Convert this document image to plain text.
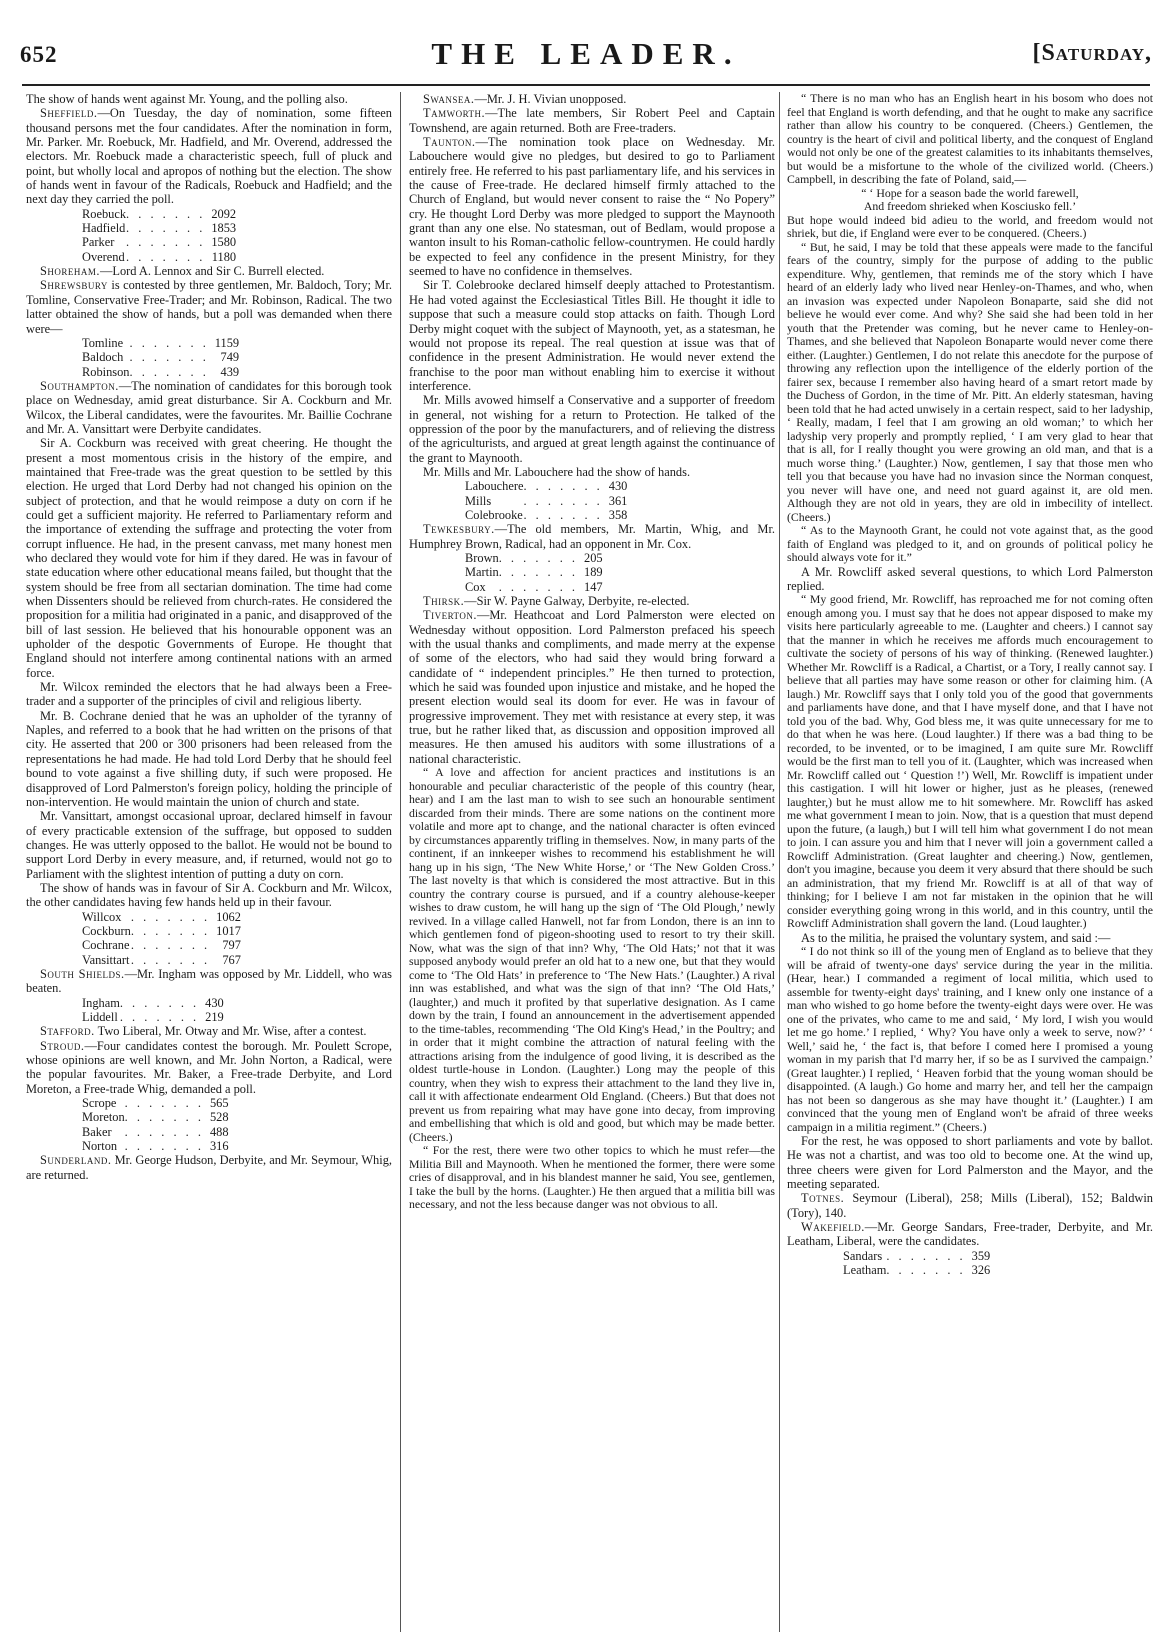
652	THE LEADER.	[Saturday,

The show of hands went against Mr. Young, and the polling also.

Sheffield.—On Tuesday, the day of nomination, some fifteen thousand persons met the four candidates. After the nomination in form, Mr. Parker. Mr. Roebuck, Mr. Hadfield, and Mr. Overend, addressed the electors. Mr. Roebuck made a characteristic speech, full of pluck and point, but wholly local and apropos of nothing but the election. The show of hands went in favour of the Radicals, Roebuck and Hadfield; and the next day they carried the poll.

Roebuck	. . . . . . .	2092
Hadfield	. . . . . . .	1853
Parker	. . . . . . .	1580
Overend	. . . . . . .	1180

Shoreham.—Lord A. Lennox and Sir C. Burrell elected.

Shrewsbury is contested by three gentlemen, Mr. Baldoch, Tory; Mr. Tomline, Conservative Free-Trader; and Mr. Robinson, Radical. The two latter obtained the show of hands, but a poll was demanded when there were—

Tomline	. . . . . . .	1159
Baldoch	. . . . . . .	749
Robinson	. . . . . . .	439

Southampton.—The nomination of candidates for this borough took place on Wednesday, amid great disturbance. Sir A. Cockburn and Mr. Wilcox, the Liberal candidates, were the favourites. Mr. Baillie Cochrane and Mr. A. Vansittart were Derbyite candidates.

Sir A. Cockburn was received with great cheering. He thought the present a most momentous crisis in the history of the empire, and maintained that Free-trade was the great question to be settled by this election. He urged that Lord Derby had not changed his opinion on the subject of protection, and that he would reimpose a duty on corn if he could get a sufficient majority. He referred to Parliamentary reform and the importance of extending the suffrage and protecting the voter from corrupt influence. He had, in the present canvass, met many honest men who declared they would vote for him if they dared. He was in favour of state education where other educational means failed, but thought that the system should be free from all sectarian domination. The time had come when Dissenters should be relieved from church-rates. He considered the proposition for a militia had originated in a panic, and disapproved of the bill of last session. He believed that his honourable opponent was an upholder of the despotic Governments of Europe. He thought that England should not interfere among continental nations with an armed force.

Mr. Wilcox reminded the electors that he had always been a Free-trader and a supporter of the principles of civil and religious liberty.

Mr. B. Cochrane denied that he was an upholder of the tyranny of Naples, and referred to a book that he had written on the prisons of that city. He asserted that 200 or 300 prisoners had been released from the representations he had made. He had told Lord Derby that he should feel bound to vote against a five shilling duty, if such were proposed. He disapproved of Lord Palmerston's foreign policy, holding the principle of non-intervention. He would maintain the union of church and state.

Mr. Vansittart, amongst occasional uproar, declared himself in favour of every practicable extension of the suffrage, but opposed to sudden changes. He was utterly opposed to the ballot. He would not be bound to support Lord Derby in every measure, and, if returned, would not go to Parliament with the slightest intention of putting a duty on corn.

The show of hands was in favour of Sir A. Cockburn and Mr. Wilcox, the other candidates having few hands held up in their favour.

Willcox	. . . . . . .	1062
Cockburn	. . . . . . .	1017
Cochrane	. . . . . . .	797
Vansittart	. . . . . . .	767

South Shields.—Mr. Ingham was opposed by Mr. Liddell, who was beaten.

Ingham	. . . . . . .	430
Liddell	. . . . . . .	219

Stafford. Two Liberal, Mr. Otway and Mr. Wise, after a contest.

Stroud.—Four candidates contest the borough. Mr. Poulett Scrope, whose opinions are well known, and Mr. John Norton, a Radical, were the popular favourites. Mr. Baker, a Free-trade Derbyite, and Lord Moreton, a Free-trade Whig, demanded a poll.

Scrope	. . . . . . .	565
Moreton	. . . . . . .	528
Baker	. . . . . . .	488
Norton	. . . . . . .	316

Sunderland. Mr. George Hudson, Derbyite, and Mr. Seymour, Whig, are returned.

Swansea.—Mr. J. H. Vivian unopposed.

Tamworth.—The late members, Sir Robert Peel and Captain Townshend, are again returned. Both are Free-traders.

Taunton.—The nomination took place on Wednesday. Mr. Labouchere would give no pledges, but desired to go to Parliament entirely free. He referred to his past parliamentary life, and his services in the cause of Free-trade. He declared himself firmly attached to the Church of England, but would never consent to raise the “ No Popery” cry. He thought Lord Derby was more pledged to support the Maynooth grant than any one else. No statesman, out of Bedlam, would propose a wanton insult to his Roman-catholic fellow-countrymen. He could hardly be expected to feel any confidence in the present Ministry, for they seemed to have no confidence in themselves.

Sir T. Colebrooke declared himself deeply attached to Protestantism. He had voted against the Ecclesiastical Titles Bill. He thought it idle to suppose that such a measure could stop attacks on faith. Though Lord Derby might coquet with the subject of Maynooth, yet, as a statesman, he would not propose its repeal. The real question at issue was that of confidence in the present Administration. He would never extend the franchise to the poor man without enabling him to exercise it without interference.

Mr. Mills avowed himself a Conservative and a supporter of freedom in general, not wishing for a return to Protection. He talked of the oppression of the poor by the manufacturers, and of relieving the distress of the agriculturists, and argued at great length against the continuance of the grant to Maynooth.

Mr. Mills and Mr. Labouchere had the show of hands.

Labouchere	. . . . . . .	430
Mills	. . . . . . .	361
Colebrooke	. . . . . . .	358

Tewkesbury.—The old members, Mr. Martin, Whig, and Mr. Humphrey Brown, Radical, had an opponent in Mr. Cox.

Brown	. . . . . . .	205
Martin	. . . . . . .	189
Cox	. . . . . . .	147

Thirsk.—Sir W. Payne Galway, Derbyite, re-elected.

Tiverton.—Mr. Heathcoat and Lord Palmerston were elected on Wednesday without opposition. Lord Palmerston prefaced his speech with the usual thanks and compliments, and made merry at the expense of some of the electors, who had said they would bring forward a candidate of “ independent principles.” He then turned to protection, which he said was founded upon injustice and mistake, and he hoped the present election would seal its doom for ever. He was in favour of progressive improvement. They met with resistance at every step, it was true, but he rather liked that, as discussion and opposition improved all measures. He then amused his auditors with some illustrations of a national characteristic.

“ A love and affection for ancient practices and institutions is an honourable and peculiar characteristic of the people of this country (hear, hear) and I am the last man to wish to see such an honourable sentiment discarded from their minds. There are some nations on the continent more volatile and more apt to change, and the national character is often evinced by circumstances apparently trifling in themselves. Now, in many parts of the continent, if an innkeeper wishes to recommend his establishment he will hang up in his sign, ‘The New White Horse,’ or ‘The New Golden Cross.’ The last novelty is that which is considered the most attractive. But in this country the contrary course is pursued, and if a country alehouse-keeper wishes to draw custom, he will hang up the sign of ‘The Old Plough,’ newly revived. In a village called Hanwell, not far from London, there is an inn to which gentlemen fond of pigeon-shooting used to resort to try their skill. Now, what was the sign of that inn? Why, ‘The Old Hats;’ not that it was supposed anybody would prefer an old hat to a new one, but that they would come to ‘The Old Hats’ in preference to ‘The New Hats.’ (Laughter.) A rival inn was established, and what was the sign of that inn? ‘The Old Hats,’ (laughter,) and much it profited by that superlative designation. As I came down by the train, I found an announcement in the advertisement appended to the time-tables, recommending ‘The Old King's Head,’ in the Poultry; and in order that it might combine the attraction of natural feeling with the attractions arising from the indulgence of good living, it is described as the oldest turtle-house in London. (Laughter.) Long may the people of this country, when they wish to express their attachment to the land they live in, call it with affectionate endearment Old England. (Cheers.) But that does not prevent us from repairing what may have gone into decay, from improving and embellishing that which is old and good, but which may be made better. (Cheers.)

“ For the rest, there were two other topics to which he must refer—the Militia Bill and Maynooth. When he mentioned the former, there were some cries of disapproval, and in his blandest manner he said, You see, gentlemen, I take the bull by the horns. (Laughter.) He then argued that a militia bill was necessary, and not the less because danger was not obvious to all.

“ There is no man who has an English heart in his bosom who does not feel that England is worth defending, and that he ought to make any sacrifice rather than allow his country to be conquered. (Cheers.) Gentlemen, the country is the heart of civil and political liberty, and the conquest of England would not only be one of the greatest calamities to its inhabitants themselves, but would be a misfortune to the whole of the civilized world. (Cheers.) Campbell, in describing the fate of Poland, said,—

“ ‘ Hope for a season bade the world farewell,

And freedom shrieked when Kosciusko fell.’

But hope would indeed bid adieu to the world, and freedom would not shriek, but die, if England were ever to be conquered. (Cheers.)

“ But, he said, I may be told that these appeals were made to the fanciful fears of the country, simply for the purpose of adding to the public expenditure. Why, gentlemen, that reminds me of the story which I have heard of an elderly lady who lived near Henley-on-Thames, and who, when an invasion was expected under Napoleon Bonaparte, said she did not believe he would ever come. And why? She said she had been told in her youth that the Pretender was coming, but he never came to Henley-on-Thames, and she believed that Napoleon Bonaparte would never come there either. (Laughter.) Gentlemen, I do not relate this anecdote for the purpose of throwing any reflection upon the intelligence of the elderly portion of the fairer sex, because I remember also having heard of a smart retort made by the Duchess of Gordon, in the time of Mr. Pitt. An elderly statesman, having been told that he had acted unwisely in a certain respect, said to her ladyship, ‘ Really, madam, I feel that I am growing an old woman;’ to which her ladyship very properly and promptly replied, ‘ I am very glad to hear that that is all, for I really thought you were growing an old man, and that is a much worse thing.’ (Laughter.) Now, gentlemen, I say that those men who tell you that because you have had no invasion since the Norman conquest, you never will have one, and need not guard against it, are old men. Although they are not old in years, they are old in imbecility of intellect. (Cheers.)

“ As to the Maynooth Grant, he could not vote against that, as the good faith of England was pledged to it, and on grounds of political policy he should always vote for it.”

A Mr. Rowcliff asked several questions, to which Lord Palmerston replied.

“ My good friend, Mr. Rowcliff, has reproached me for not coming often enough among you. I must say that he does not appear disposed to make my visits here particularly agreeable to me. (Laughter and cheers.) I cannot say that the manner in which he receives me affords much encouragement to cultivate the society of persons of his way of thinking. (Renewed laughter.) Whether Mr. Rowcliff is a Radical, a Chartist, or a Tory, I really cannot say. I believe that all parties may have some reason or other for claiming him. (A laugh.) Mr. Rowcliff says that I only told you of the good that governments and parliaments have done, and that I have myself done, and that I have not told you of the bad. Why, God bless me, it was quite unnecessary for me to do that when he was here. (Loud laughter.) If there was a bad thing to be recorded, to be invented, or to be imagined, I am quite sure Mr. Rowcliff would be the first man to tell you of it. (Laughter, which was increased when Mr. Rowcliff called out ‘ Question !’) Well, Mr. Rowcliff is impatient under this castigation. I will hit lower or higher, just as he pleases, (renewed laughter,) but he must allow me to hit somewhere. Mr. Rowcliff has asked me what government I mean to join. Now, that is a question that must depend upon the future, (a laugh,) but I will tell him what government I do not mean to join. I can assure you and him that I never will join a government called a Rowcliff Administration. (Great laughter and cheering.) Now, gentlemen, don't you imagine, because you deem it very absurd that there should be such an administration, that my friend Mr. Rowcliff is at all of that way of thinking; for I believe I am not far mistaken in the opinion that he will consider everything going wrong in this world, and in this country, until the Rowcliff Administration shall govern the land. (Loud laughter.)

As to the militia, he praised the voluntary system, and said :—

“ I do not think so ill of the young men of England as to believe that they will be afraid of twenty-one days' service during the year in the militia. (Hear, hear.) I commanded a regiment of local militia, which used to assemble for twenty-eight days' training, and I knew only one instance of a man who wished to go home before the twenty-eight days were over. He was one of the privates, who came to me and said, ‘ My lord, I wish you would let me go home.’ I replied, ‘ Why? You have only a week to serve, now?’ ‘ Well,’ said he, ‘ the fact is, that before I comed here I promised a young woman in my parish that I'd marry her, if so be as I survived the campaign.’ (Great laughter.) I replied, ‘ Heaven forbid that the young woman should be disappointed. (A laugh.) Go home and marry her, and tell her the campaign has not been so dangerous as she may have thought it.’ (Laughter.) I am convinced that the young men of England won't be afraid of three weeks campaign in a militia regiment.” (Cheers.)

For the rest, he was opposed to short parliaments and vote by ballot. He was not a chartist, and was too old to become one. At the wind up, three cheers were given for Lord Palmerston and the Mayor, and the meeting separated.

Totnes. Seymour (Liberal), 258; Mills (Liberal), 152; Baldwin (Tory), 140.

Wakefield.—Mr. George Sandars, Free-trader, Derbyite, and Mr. Leatham, Liberal, were the candidates.

Sandars	. . . . . . .	359
Leatham	. . . . . . .	326
